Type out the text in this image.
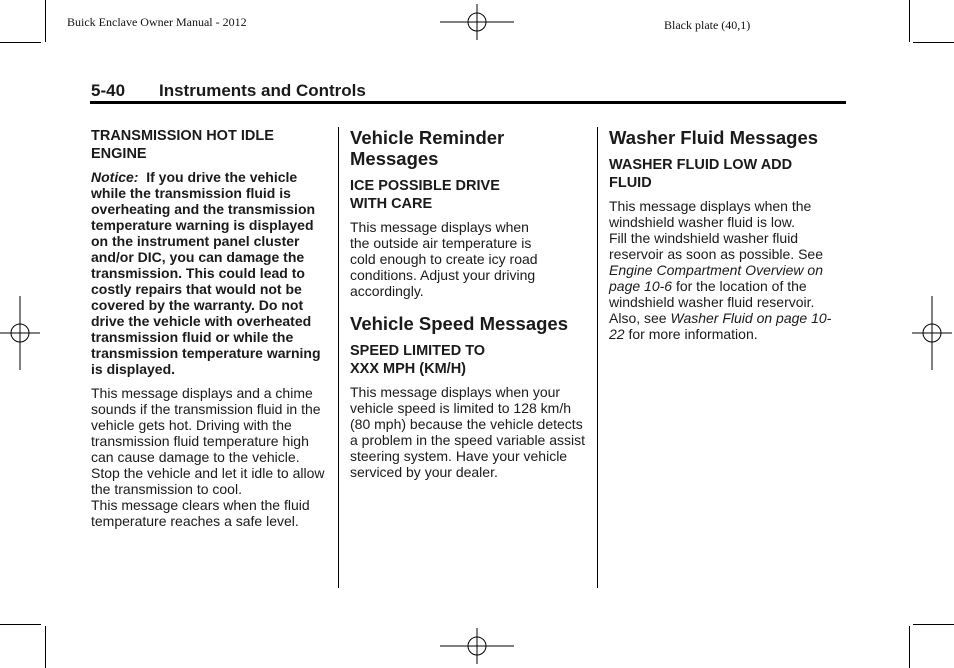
Buick Enclave Owner Manual - 2012	Black plate (40,1)
5-40 Instruments and Controls
TRANSMISSION HOT IDLE ENGINE

Notice: If you drive the vehicle while the transmission fluid is overheating and the transmission temperature warning is displayed on the instrument panel cluster and/or DIC, you can damage the transmission. This could lead to costly repairs that would not be covered by the warranty. Do not drive the vehicle with overheated transmission fluid or while the transmission temperature warning is displayed.

This message displays and a chime sounds if the transmission fluid in the vehicle gets hot. Driving with the transmission fluid temperature high can cause damage to the vehicle. Stop the vehicle and let it idle to allow the transmission to cool.

This message clears when the fluid temperature reaches a safe level.

Vehicle Reminder Messages
ICE POSSIBLE DRIVE WITH CARE

This message displays when the outside air temperature is cold enough to create icy road conditions. Adjust your driving accordingly.

Vehicle Speed Messages
SPEED LIMITED TO XXX MPH (KM/H)

This message displays when your vehicle speed is limited to 128 km/h (80 mph) because the vehicle detects a problem in the speed variable assist steering system. Have your vehicle serviced by your dealer.

Washer Fluid Messages
WASHER FLUID LOW ADD FLUID

This message displays when the windshield washer fluid is low.

Fill the windshield washer fluid reservoir as soon as possible. See Engine Compartment Overview on page 10-6 for the location of the windshield washer fluid reservoir. Also, see Washer Fluid on page 10-22 for more information.
